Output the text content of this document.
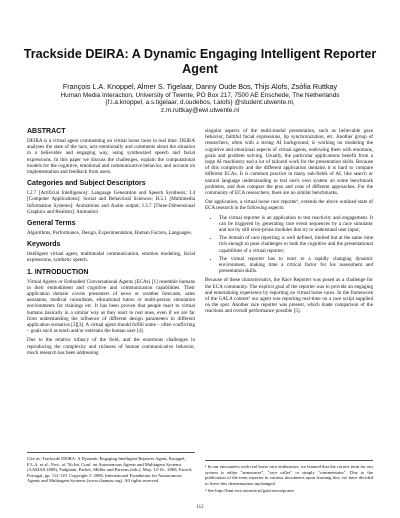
Trackside DEIRA: A Dynamic Engaging Intelligent Reporter Agent
François L.A. Knoppel, Almer S. Tigelaar, Danny Oude Bos, Thijs Alofs, Zsófia Ruttkay
Human Media Interaction, University of Twente, PO Box 217, 7500 AE Enschede, The Netherlands
{f.l.a.knoppel, a.s.tigelaar, d.oudebos, t.alofs} @student.utwente.nl,
z.m.ruttkay@ewi.utwente.nl
ABSTRACT

DEIRA is a virtual agent commenting on virtual horse races in real time. DEIRA analyses the state of the race, acts emotionally and comments about the situation in a believable and engaging way, using synthesized speech and facial expressions. In this paper we discuss the challenges, explain the computational models for the cognitive, emotional and communicative behavior, and account on implementation and feedback from users.

Categories and Subject Descriptors

I.2.7 [Artificial Intelligence]: Language Generation and Speech Synthesis; J.4 [Computer Applications]: Social and Behavioral Sciences; H.5.1 [Multimedia Information Systems]: Animations and Audio output; I.3.7 [Three-Dimensional Graphics and Realism]: Animation

General Terms

Algorithms, Performance, Design, Experimentation, Human Factors, Languages.

Keywords

Intelligent virtual agent, multimodal communication, emotion modeling, facial expressions, synthetic speech.

1. INTRODUCTION

Virtual Agents or Embodied Conversational Agents (ECAs) [1] resemble humans in their embodiment and cognitive and communication capabilities. Their application domain covers presenters of news or weather forecasts, sales assistants, medical consultants, educational tutors or multi-person simulation environments for trainings etc. It has been proven that people react to virtual humans basically in a similar way as they react to real ones, even if we are far from understanding the influence of different design parameters in different application scenarios [2][3]. A virtual agent should fulfill some – often conflicting – goals such as teach and/or entertain the human user [4].

Due to the relative infancy of the field, and the enormous challenges in reproducing the complexity and richness of human communicative behavior, much research has been addressing

singular aspects of the multi-modal presentation, such as believable gaze behavior, faithful facial expressions, lip synchronization, etc. Another group of researchers, often with a strong AI background, is working on modeling the cognitive and emotional aspects of virtual agents, endowing them with emotions, goals and problem solving. Usually, the particular applications benefit from a large AI machinery and a lot of tailored work for the presentation skills. Because of this complexity and the different application domains it is hard to compare different ECAs. It is common practice in many sub-fields of AI, like search or natural language understanding to test one's own system on some benchmark problems, and thus compare the pros and cons of different approaches. For the community of ECA researchers, there are no similar benchmarks.

Our application, a virtual horse race reporter¹, extends the above outlined state of ECA research in the following aspects:

• The virtual reporter is an application to test reactivity and engagement. It can be triggered by generating race event sequences by a race simulator and not by still error-prone modules that try to understand user input;
• The domain of race reporting is well defined, limited but at the same time rich enough to pose challenges to both the cognitive and the presentational capabilities of a virtual reporter;
• The virtual reporter has to react to a rapidly changing dynamic environment, making time a critical factor for his assessment and presentation skills.

Because of these characteristics, the Race Reporter was posed as a challenge for the ECA community. The explicit goal of the reporter was to provide an engaging and entertaining experience by reporting on virtual horse races. In the framework of the GALA contest² our agent was reporting real-time on a race script supplied on the spot. Another race reporter was present, which made comparison of the reactions and overall performance possible [5].

Cite as: Trackside DEIRA: A Dynamic Engaging Intelligent Reporter Agent, Knoppel, F.L.A. et al., Proc. of 7th Int. Conf. on Autonomous Agents and Multiagent Systems (AAMAS 2008), Padgham, Parkes, Müller and Parsons (eds.), May, 12-16., 2008, Estoril, Portugal, pp. 112-119. Copyright © 2008, International Foundation for Autonomous Agents and Multiagent Systems (www.ifaamas.org). All rights reserved.

¹ In our encounters with real horse race enthusiasts, we learned that the correct term for our system is either "announcer", "race caller" or simply "commentator". Due to the publication of the term reporter in various documents upon learning this, we have decided to leave this denomination unchanged.

² See http://hmi.ewi.utwente.nl/gala/racereporter

112
